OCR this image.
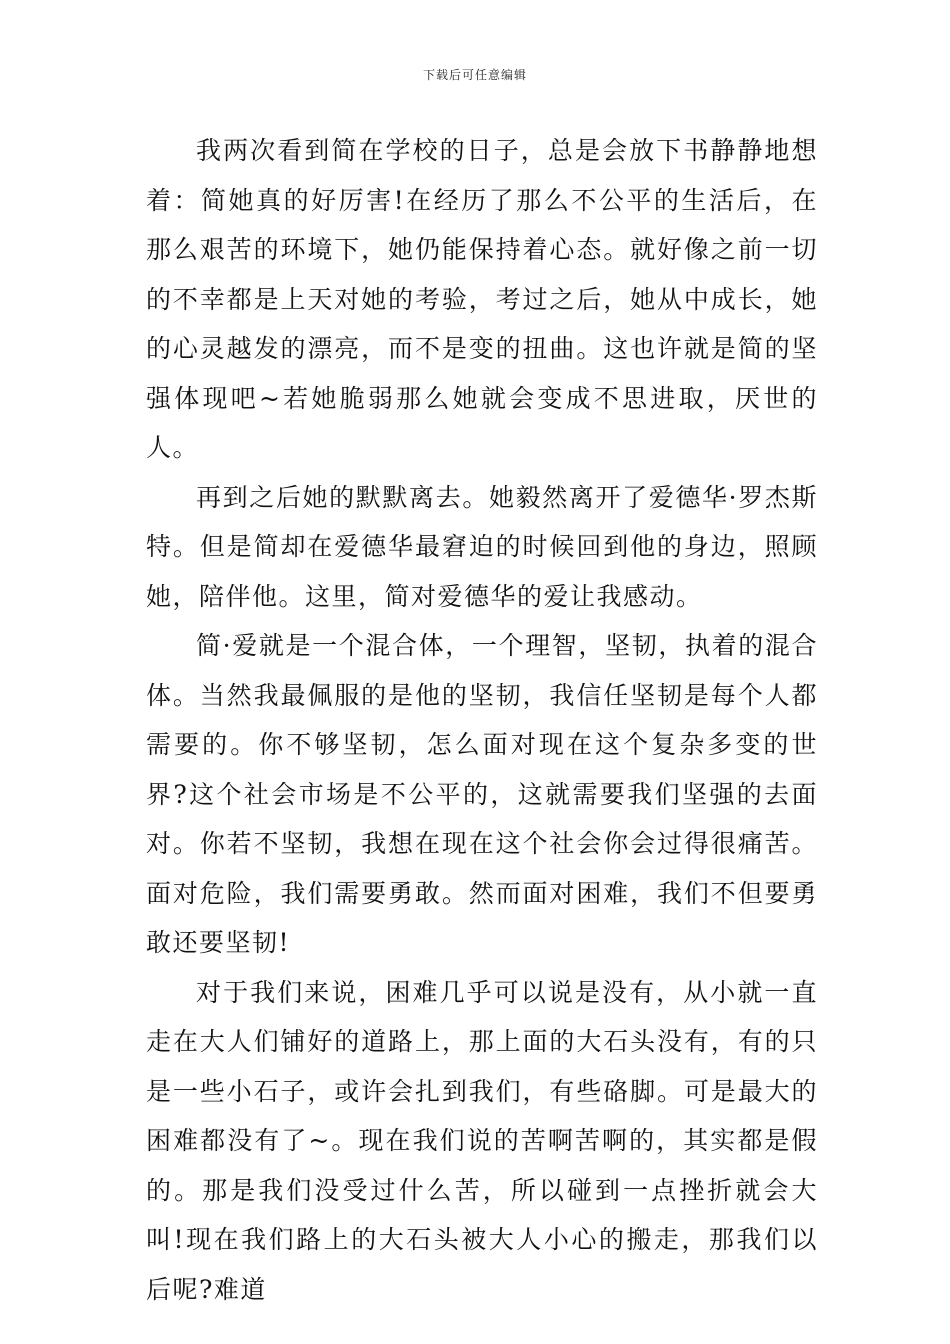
下载后可任意编辑

我两次看到简在学校的日子，总是会放下书静静地想着：简她真的好厉害!在经历了那么不公平的生活后，在那么艰苦的环境下，她仍能保持着心态。就好像之前一切的不幸都是上天对她的考验，考过之后，她从中成长，她的心灵越发的漂亮，而不是变的扭曲。这也许就是简的坚强体现吧~若她脆弱那么她就会变成不思进取，厌世的人。

再到之后她的默默离去。她毅然离开了爱德华·罗杰斯特。但是简却在爱德华最窘迫的时候回到他的身边，照顾她，陪伴他。这里，简对爱德华的爱让我感动。

简·爱就是一个混合体，一个理智，坚韧，执着的混合体。当然我最佩服的是他的坚韧，我信任坚韧是每个人都需要的。你不够坚韧，怎么面对现在这个复杂多变的世界?这个社会市场是不公平的，这就需要我们坚强的去面对。你若不坚韧，我想在现在这个社会你会过得很痛苦。面对危险，我们需要勇敢。然而面对困难，我们不但要勇敢还要坚韧!

对于我们来说，困难几乎可以说是没有，从小就一直走在大人们铺好的道路上，那上面的大石头没有，有的只是一些小石子，或许会扎到我们，有些硌脚。可是最大的困难都没有了~。现在我们说的苦啊苦啊的，其实都是假的。那是我们没受过什么苦，所以碰到一点挫折就会大叫!现在我们路上的大石头被大人小心的搬走，那我们以后呢?难道
